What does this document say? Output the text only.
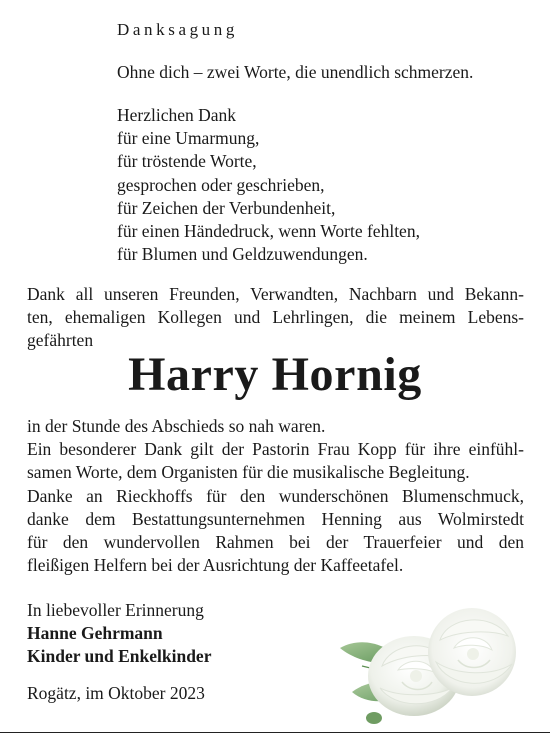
Danksagung
Ohne dich – zwei Worte, die unendlich schmerzen.
Herzlichen Dank
für eine Umarmung,
für tröstende Worte,
gesprochen oder geschrieben,
für Zeichen der Verbundenheit,
für einen Händedruck, wenn Worte fehlten,
für Blumen und Geldzuwendungen.
Dank all unseren Freunden, Verwandten, Nachbarn und Bekann-
ten, ehemaligen Kollegen und Lehrlingen, die meinem Lebens-
gefährten
Harry Hornig
in der Stunde des Abschieds so nah waren.
Ein besonderer Dank gilt der Pastorin Frau Kopp für ihre einfühl-
samen Worte, dem Organisten für die musikalische Begleitung.
Danke an Rieckhoffs für den wunderschönen Blumenschmuck,
danke dem Bestattungsunternehmen Henning aus Wolmirstedt
für den wundervollen Rahmen bei der Trauerfeier und den
fleißigen Helfern bei der Ausrichtung der Kaffeetafel.
In liebevoller Erinnerung
Hanne Gehrmann
Kinder und Enkelkinder
Rogätz, im Oktober 2023
